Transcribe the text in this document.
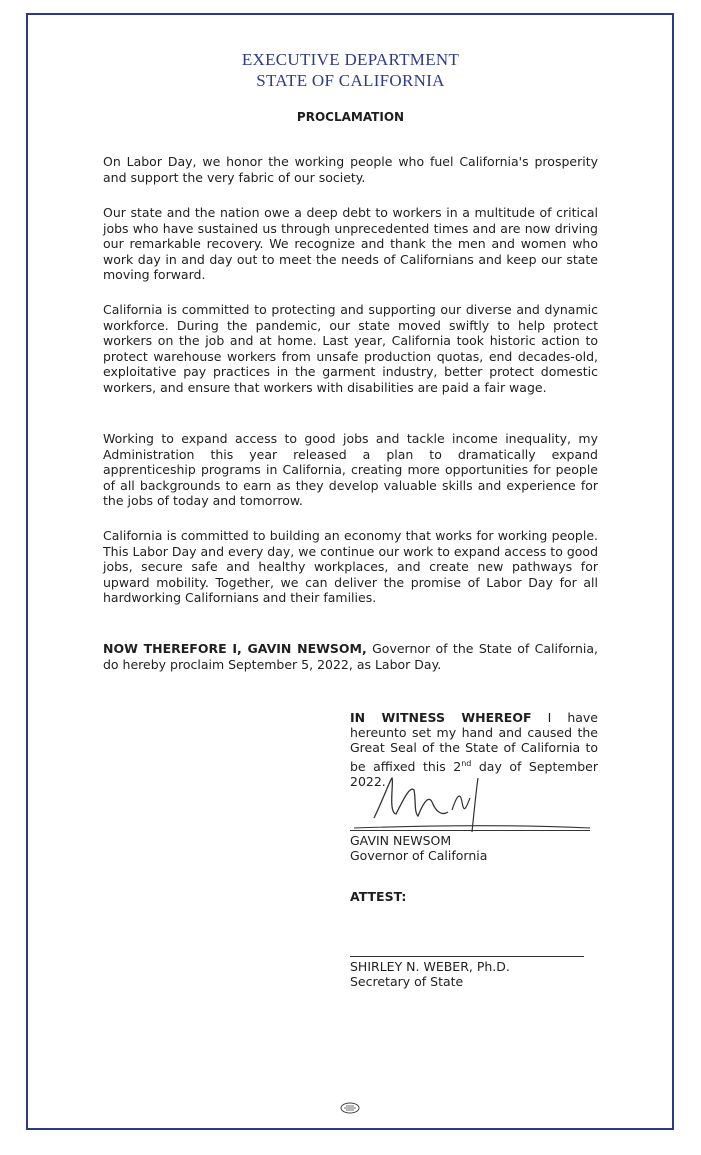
EXECUTIVE DEPARTMENT
STATE OF CALIFORNIA
PROCLAMATION

On Labor Day, we honor the working people who fuel California's prosperity and support the very fabric of our society.

Our state and the nation owe a deep debt to workers in a multitude of critical jobs who have sustained us through unprecedented times and are now driving our remarkable recovery. We recognize and thank the men and women who work day in and day out to meet the needs of Californians and keep our state moving forward.

California is committed to protecting and supporting our diverse and dynamic workforce. During the pandemic, our state moved swiftly to help protect workers on the job and at home. Last year, California took historic action to protect warehouse workers from unsafe production quotas, end decades-old, exploitative pay practices in the garment industry, better protect domestic workers, and ensure that workers with disabilities are paid a fair wage.

Working to expand access to good jobs and tackle income inequality, my Administration this year released a plan to dramatically expand apprenticeship programs in California, creating more opportunities for people of all backgrounds to earn as they develop valuable skills and experience for the jobs of today and tomorrow.

California is committed to building an economy that works for working people. This Labor Day and every day, we continue our work to expand access to good jobs, secure safe and healthy workplaces, and create new pathways for upward mobility. Together, we can deliver the promise of Labor Day for all hardworking Californians and their families.

NOW THEREFORE I, GAVIN NEWSOM, Governor of the State of California, do hereby proclaim September 5, 2022, as Labor Day.

IN WITNESS WHEREOF I have hereunto set my hand and caused the Great Seal of the State of California to be affixed this 2nd day of September 2022.

GAVIN NEWSOM
Governor of California
ATTEST:
SHIRLEY N. WEBER, Ph.D.
Secretary of State
